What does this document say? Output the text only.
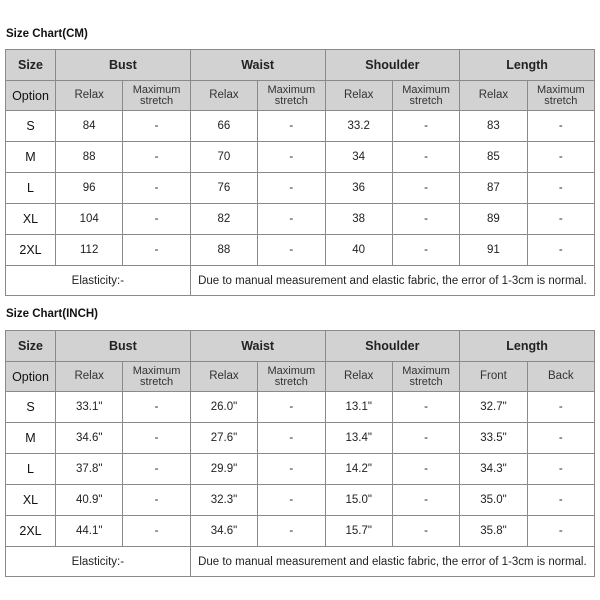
Size Chart(CM)
Size	Bust		Waist		Shoulder		Length	
Option	Relax	Maximum stretch	Relax	Maximum stretch	Relax	Maximum stretch	Relax	Maximum stretch
S	84	-	66	-	33.2	-	83	-
M	88	-	70	-	34	-	85	-
L	96	-	76	-	36	-	87	-
XL	104	-	82	-	38	-	89	-
2XL	112	-	88	-	40	-	91	-
Elasticity:-			Due to manual measurement and elastic fabric, the error of 1-3cm is normal.					
Size Chart(INCH)
Size	Bust		Waist		Shoulder		Length	
Option	Relax	Maximum stretch	Relax	Maximum stretch	Relax	Maximum stretch	Front	Back
S	33.1"	-	26.0"	-	13.1"	-	32.7"	-
M	34.6"	-	27.6"	-	13.4"	-	33.5"	-
L	37.8"	-	29.9"	-	14.2"	-	34.3"	-
XL	40.9"	-	32.3"	-	15.0"	-	35.0"	-
2XL	44.1"	-	34.6"	-	15.7"	-	35.8"	-
Elasticity:-			Due to manual measurement and elastic fabric, the error of 1-3cm is normal.					
